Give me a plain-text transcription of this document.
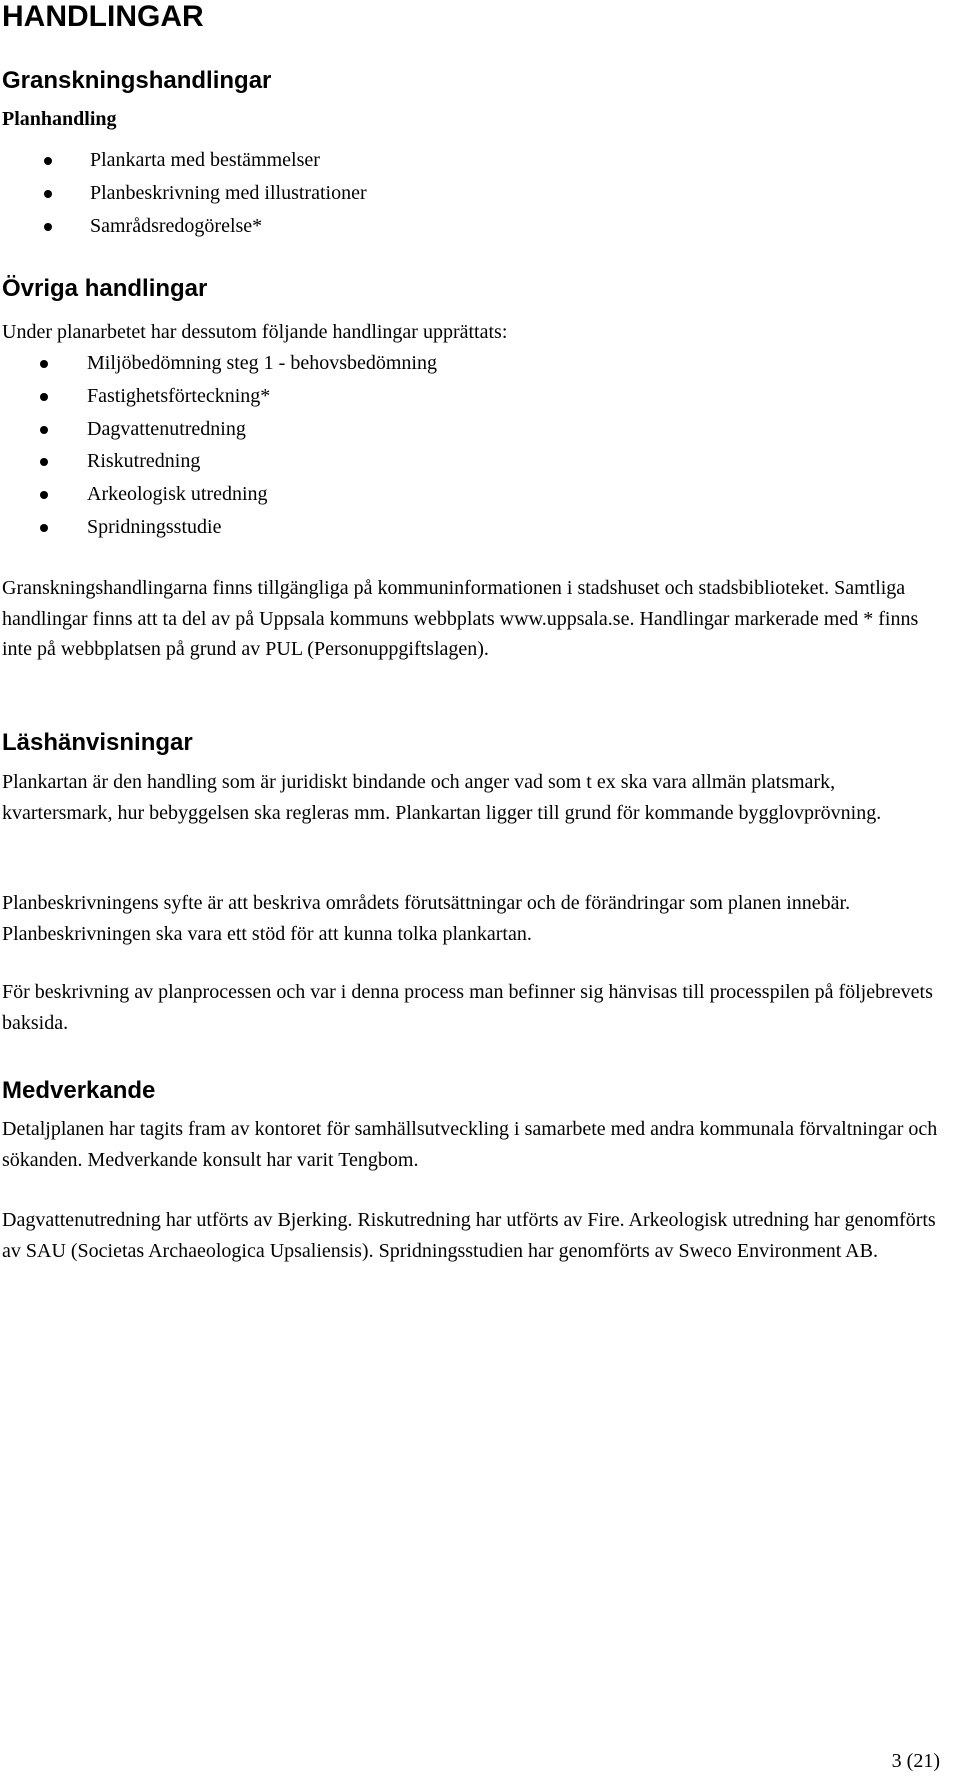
HANDLINGAR
Granskningshandlingar
Planhandling
Plankarta med bestämmelser
Planbeskrivning med illustrationer
Samrådsredogörelse*
Övriga handlingar

Under planarbetet har dessutom följande handlingar upprättats:

Miljöbedömning steg 1 - behovsbedömning
Fastighetsförteckning*
Dagvattenutredning
Riskutredning
Arkeologisk utredning
Spridningsstudie

Granskningshandlingarna finns tillgängliga på kommuninformationen i stadshuset och stadsbiblioteket. Samtliga handlingar finns att ta del av på Uppsala kommuns webbplats www.uppsala.se. Handlingar markerade med * finns inte på webbplatsen på grund av PUL (Personuppgiftslagen).

Läshänvisningar

Plankartan är den handling som är juridiskt bindande och anger vad som t ex ska vara allmän platsmark, kvartersmark, hur bebyggelsen ska regleras mm. Plankartan ligger till grund för kommande bygglovprövning.

Planbeskrivningens syfte är att beskriva områdets förutsättningar och de förändringar som planen innebär. Planbeskrivningen ska vara ett stöd för att kunna tolka plankartan.

För beskrivning av planprocessen och var i denna process man befinner sig hänvisas till processpilen på följebrevets baksida.

Medverkande

Detaljplanen har tagits fram av kontoret för samhällsutveckling i samarbete med andra kommunala förvaltningar och sökanden. Medverkande konsult har varit Tengbom.

Dagvattenutredning har utförts av Bjerking. Riskutredning har utförts av Fire. Arkeologisk utredning har genomförts av SAU (Societas Archaeologica Upsaliensis). Spridningsstudien har genomförts av Sweco Environment AB.

3 (21)
